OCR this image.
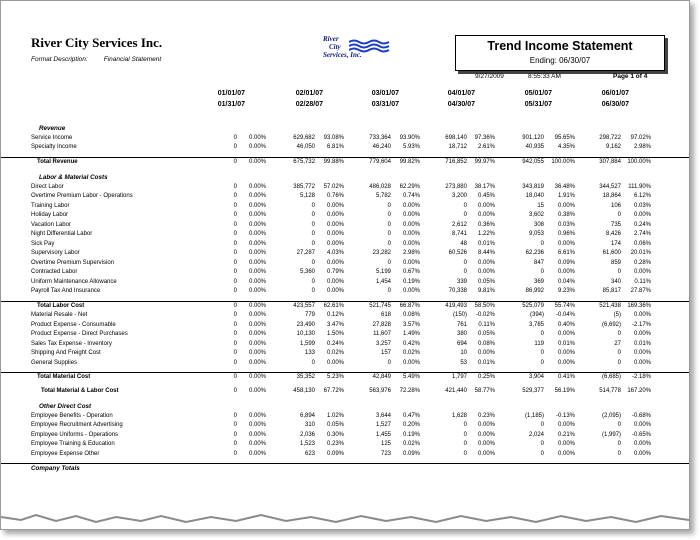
River City Services Inc.
Format Description: Financial Statement
River
City
Services, Inc.
Trend Income Statement
Ending: 06/30/07
9/27/2009	8:55:33 AM	Page 1 of 4
01/01/07
01/31/07
02/01/07
02/28/07
03/01/07
03/31/07
04/01/07
04/30/07
05/01/07
05/31/07
06/01/07
06/30/07
Revenue
Service Income	0	0.00%	629,682	93.08%	733,364	93.90%	698,140	97.36%	901,120	95.65%	298,722	97.02%
Specialty Income	0	0.00%	46,050	6.81%	46,240	5.93%	18,712	2.61%	40,935	4.35%	9,162	2.98%
Total Revenue	0	0.00%	675,732	99.88%	779,604	99.82%	716,852	99.97%	942,055	100.00%	307,884	100.00%
Labor & Material Costs
Direct Labor	0	0.00%	385,772	57.02%	486,028	62.29%	273,880	38.17%	343,819	36.48%	344,527	111.90%
Overtime Premium Labor - Operations	0	0.00%	5,128	0.76%	5,782	0.74%	3,200	0.45%	18,040	1.91%	18,864	6.12%
Training Labor	0	0.00%	0	0.00%	0	0.00%	0	0.00%	15	0.00%	106	0.03%
Holiday Labor	0	0.00%	0	0.00%	0	0.00%	0	0.00%	3,602	0.38%	0	0.00%
Vacation Labor	0	0.00%	0	0.00%	0	0.00%	2,612	0.36%	308	0.03%	735	0.24%
Night Differential Labor	0	0.00%	0	0.00%	0	0.00%	8,741	1.22%	9,053	0.96%	8,426	2.74%
Sick Pay	0	0.00%	0	0.00%	0	0.00%	48	0.01%	0	0.00%	174	0.06%
Supervisory Labor	0	0.00%	27,287	4.03%	23,282	2.98%	60,526	8.44%	62,236	6.61%	61,600	20.01%
Overtime Premium Supervision	0	0.00%	0	0.00%	0	0.00%	0	0.00%	847	0.09%	859	0.28%
Contracted Labor	0	0.00%	5,360	0.79%	5,199	0.67%	0	0.00%	0	0.00%	0	0.00%
Uniform Maintenance Allowance	0	0.00%	0	0.00%	1,454	0.19%	339	0.05%	369	0.04%	340	0.11%
Payroll Tax And Insurance	0	0.00%	0	0.00%	0	0.00%	70,338	9.81%	86,992	9.23%	85,817	27.87%
Total Labor Cost	0	0.00%	423,557	62.61%	521,745	66.87%	419,493	58.50%	525,079	55.74%	521,438	169.36%
Material Resale - Net	0	0.00%	779	0.12%	618	0.08%	(150)	-0.02%	(394)	-0.04%	(5)	0.00%
Product Expense - Consumable	0	0.00%	23,490	3.47%	27,828	3.57%	761	0.11%	3,785	0.40%	(6,692)	-2.17%
Product Expense - Direct Purchases	0	0.00%	10,130	1.50%	11,607	1.49%	380	0.05%	0	0.00%	0	0.00%
Sales Tax Expense - Inventory	0	0.00%	1,599	0.24%	3,257	0.42%	694	0.08%	119	0.01%	27	0.01%
Shipping And Freight Cost	0	0.00%	133	0.02%	157	0.02%	10	0.00%	0	0.00%	0	0.00%
General Supplies	0	0.00%	0	0.00%	0	0.00%	53	0.01%	0	0.00%	0	0.00%
Total Material Cost	0	0.00%	35,352	5.23%	42,849	5.49%	1,797	0.25%	3,904	0.41%	(6,685)	-2.18%
Total Material & Labor Cost	0	0.00%	458,130	67.72%	563,976	72.28%	421,440	58.77%	529,377	56.19%	514,778	167.20%
Other Direct Cost
Employee Benefits - Operation	0	0.00%	6,894	1.02%	3,644	0.47%	1,628	0.23%	(1,185)	-0.13%	(2,095)	-0.68%
Employee Recruitment Advertising	0	0.00%	310	0.05%	1,527	0.20%	0	0.00%	0	0.00%	0	0.00%
Employee Uniforms - Operations	0	0.00%	2,036	0.30%	1,455	0.19%	0	0.00%	2,024	0.21%	(1,997)	-0.65%
Employee Training & Education	0	0.00%	1,523	0.23%	125	0.02%	0	0.00%	0	0.00%	0	0.00%
Employee Expense Other	0	0.00%	623	0.09%	723	0.09%	0	0.00%	0	0.00%	0	0.00%
Company Totals
